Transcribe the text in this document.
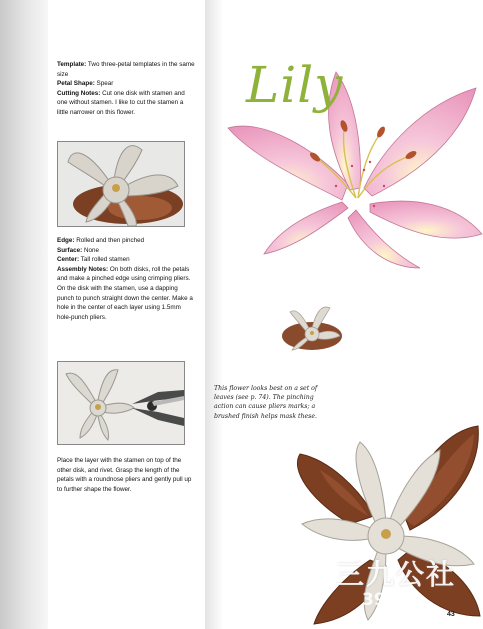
Template: Two three-petal templates in the same size
Petal Shape: Spear
Cutting Notes: Cut one disk with stamen and one without stamen. I like to cut the stamen a little narrower on this flower.
Edge: Rolled and then pinched
Surface: None
Center: Tall rolled stamen
Assembly Notes: On both disks, roll the petals and make a pinched edge using crimping pliers. On the disk with the stamen, use a dapping punch to punch straight down the center. Make a hole in the center of each layer using 1.5mm hole-punch pliers.
Place the layer with the stamen on top of the other disk, and rivet. Grasp the length of the petals with a roundnose pliers and gently pull up to further shape the flower.
Lily
This flower looks best on a set of leaves (see p. 74). The pinching action can cause pliers marks; a brushed finish helps mask these.
三九公社
39.net
43
